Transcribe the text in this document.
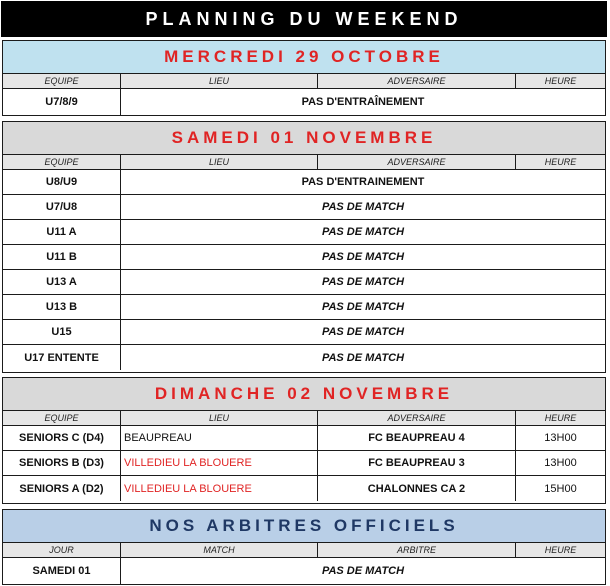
PLANNING DU WEEKEND
MERCREDI 29 OCTOBRE
EQUIPE	LIEU	ADVERSAIRE	HEURE
U7/8/9	PAS D'ENTRAÎNEMENT
SAMEDI 01 NOVEMBRE
EQUIPE	LIEU	ADVERSAIRE	HEURE
U8/U9	PAS D'ENTRAINEMENT
U7/U8	PAS DE MATCH
U11 A	PAS DE MATCH
U11 B	PAS DE MATCH
U13 A	PAS DE MATCH
U13 B	PAS DE MATCH
U15	PAS DE MATCH
U17 ENTENTE	PAS DE MATCH
DIMANCHE 02 NOVEMBRE
EQUIPE	LIEU	ADVERSAIRE	HEURE
SENIORS C (D4)	BEAUPREAU	FC BEAUPREAU 4	13H00
SENIORS B (D3)	VILLEDIEU LA BLOUERE	FC BEAUPREAU 3	13H00
SENIORS A (D2)	VILLEDIEU LA BLOUERE	CHALONNES CA 2	15H00
NOS ARBITRES OFFICIELS
JOUR	MATCH	ARBITRE	HEURE
SAMEDI 01	PAS DE MATCH
